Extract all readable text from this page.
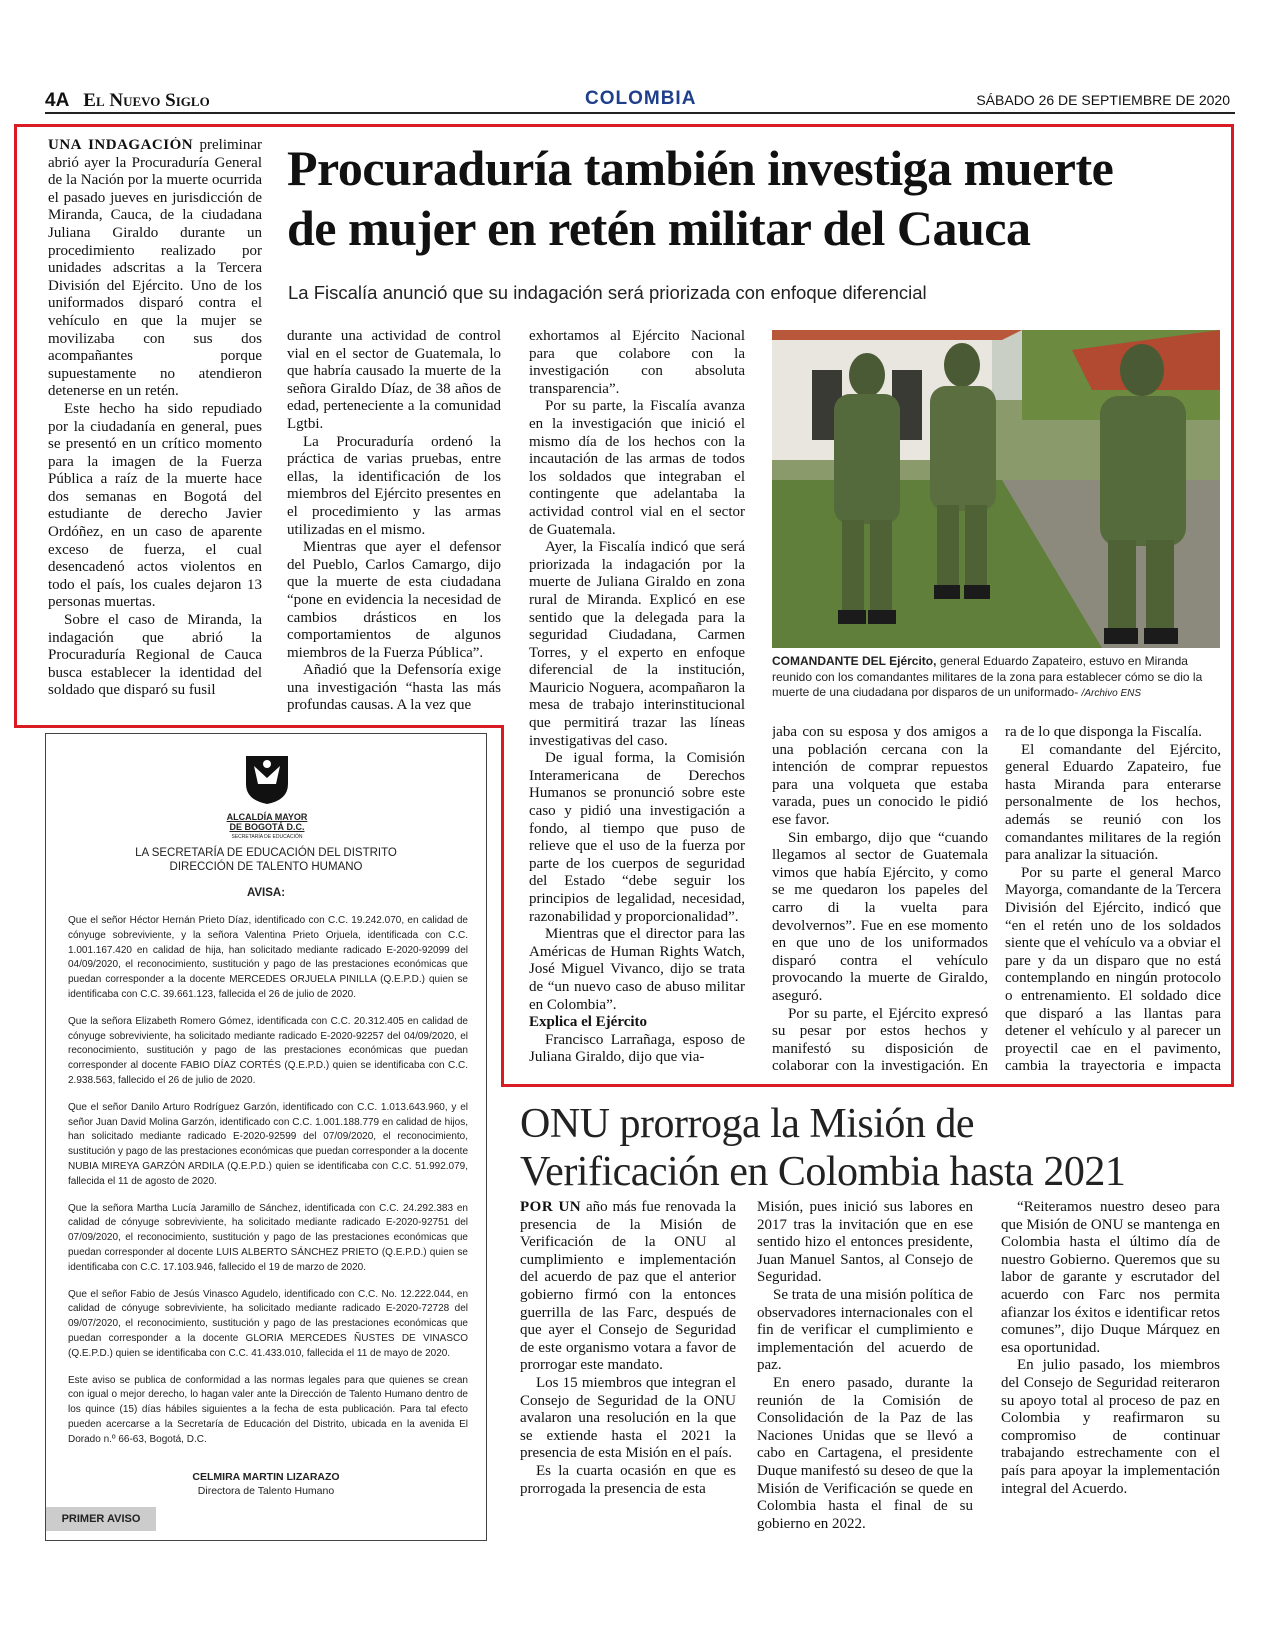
4A El Nuevo Siglo	COLOMBIA	SÁBADO 26 DE SEPTIEMBRE DE 2020

UNA INDAGACIÓN preliminar abrió ayer la Procuraduría General de la Nación por la muerte ocurrida el pasado jueves en jurisdicción de Miranda, Cauca, de la ciudadana Juliana Giraldo durante un procedimiento realizado por unidades adscritas a la Tercera División del Ejército. Uno de los uniformados disparó contra el vehículo en que la mujer se movilizaba con sus dos acompañantes porque supuestamente no atendieron detenerse en un retén.

Este hecho ha sido repudiado por la ciudadanía en general, pues se presentó en un crítico momento para la imagen de la Fuerza Pública a raíz de la muerte hace dos semanas en Bogotá del estudiante de derecho Javier Ordóñez, en un caso de aparente exceso de fuerza, el cual desencadenó actos violentos en todo el país, los cuales dejaron 13 personas muertas.

Sobre el caso de Miranda, la indagación que abrió la Procuraduría Regional de Cauca busca establecer la identidad del soldado que disparó su fusil

Procuraduría también investiga muerte
de mujer en retén militar del Cauca
La Fiscalía anunció que su indagación será priorizada con enfoque diferencial

durante una actividad de control vial en el sector de Guatemala, lo que habría causado la muerte de la señora Giraldo Díaz, de 38 años de edad, perteneciente a la comunidad Lgtbi.

La Procuraduría ordenó la práctica de varias pruebas, entre ellas, la identificación de los miembros del Ejército presentes en el procedimiento y las armas utilizadas en el mismo.

Mientras que ayer el defensor del Pueblo, Carlos Camargo, dijo que la muerte de esta ciudadana “pone en evidencia la necesidad de cambios drásticos en los comportamientos de algunos miembros de la Fuerza Pública”.

Añadió que la Defensoría exige una investigación “hasta las más profundas causas. A la vez que

exhortamos al Ejército Nacional para que colabore con la investigación con absoluta transparencia”.

Por su parte, la Fiscalía avanza en la investigación que inició el mismo día de los hechos con la incautación de las armas de todos los soldados que integraban el contingente que adelantaba la actividad control vial en el sector de Guatemala.

Ayer, la Fiscalía indicó que será priorizada la indagación por la muerte de Juliana Giraldo en zona rural de Miranda. Explicó en ese sentido que la delegada para la seguridad Ciudadana, Carmen Torres, y el experto en enfoque diferencial de la institución, Mauricio Noguera, acompañaron la mesa de trabajo interinstitucional que permitirá trazar las líneas investigativas del caso.

De igual forma, la Comisión Interamericana de Derechos Humanos se pronunció sobre este caso y pidió una investigación a fondo, al tiempo que puso de relieve que el uso de la fuerza por parte de los cuerpos de seguridad del Estado “debe seguir los principios de legalidad, necesidad, razonabilidad y proporcionalidad”.

Mientras que el director para las Américas de Human Rights Watch, José Miguel Vivanco, dijo se trata de “un nuevo caso de abuso militar en Colombia”.

Explica el Ejército

Francisco Larrañaga, esposo de Juliana Giraldo, dijo que via-

COMANDANTE DEL Ejército, general Eduardo Zapateiro, estuvo en Miranda reunido con los comandantes militares de la zona para establecer cómo se dio la muerte de una ciudadana por disparos de un uniformado- /Archivo ENS

jaba con su esposa y dos amigos a una población cercana con la intención de comprar repuestos para una volqueta que estaba varada, pues un conocido le pidió ese favor.

Sin embargo, dijo que “cuando llegamos al sector de Guatemala vimos que había Ejército, y como se me quedaron los papeles del carro di la vuelta para devolvernos”. Fue en ese momento en que uno de los uniformados disparó contra el vehículo provocando la muerte de Giraldo, aseguró.

Por su parte, el Ejército expresó su pesar por estos hechos y manifestó su disposición de colaborar con la investigación. En

ra de lo que disponga la Fiscalía.

El comandante del Ejército, general Eduardo Zapateiro, fue hasta Miranda para enterarse personalmente de los hechos, además se reunió con los comandantes militares de la región para analizar la situación.

Por su parte el general Marco Mayorga, comandante de la Tercera División del Ejército, indicó que “en el retén uno de los soldados siente que el vehículo va a obviar el pare y da un disparo que no está contemplando en ningún protocolo o entrenamiento. El soldado dice que disparó a las llantas para detener el vehículo y al parecer un proyectil cae en el pavimento, cambia la trayectoria e impacta

ALCALDÍA MAYOR
DE BOGOTÁ D.C.
SECRETARÍA DE EDUCACIÓN
LA SECRETARÍA DE EDUCACIÓN DEL DISTRITO
DIRECCIÓN DE TALENTO HUMANO
AVISA:

Que el señor Héctor Hernán Prieto Díaz, identificado con C.C. 19.242.070, en calidad de cónyuge sobreviviente, y la señora Valentina Prieto Orjuela, identificada con C.C. 1.001.167.420 en calidad de hija, han solicitado mediante radicado E-2020-92099 del 04/09/2020, el reconocimiento, sustitución y pago de las prestaciones económicas que puedan corresponder a la docente MERCEDES ORJUELA PINILLA (Q.E.P.D.) quien se identificaba con C.C. 39.661.123, fallecida el 26 de julio de 2020.

Que la señora Elizabeth Romero Gómez, identificada con C.C. 20.312.405 en calidad de cónyuge sobreviviente, ha solicitado mediante radicado E-2020-92257 del 04/09/2020, el reconocimiento, sustitución y pago de las prestaciones económicas que puedan corresponder al docente FABIO DÍAZ CORTÉS (Q.E.P.D.) quien se identificaba con C.C. 2.938.563, fallecido el 26 de julio de 2020.

Que el señor Danilo Arturo Rodríguez Garzón, identificado con C.C. 1.013.643.960, y el señor Juan David Molina Garzón, identificado con C.C. 1.001.188.779 en calidad de hijos, han solicitado mediante radicado E-2020-92599 del 07/09/2020, el reconocimiento, sustitución y pago de las prestaciones económicas que puedan corresponder a la docente NUBIA MIREYA GARZÓN ARDILA (Q.E.P.D.) quien se identificaba con C.C. 51.992.079, fallecida el 11 de agosto de 2020.

Que la señora Martha Lucía Jaramillo de Sánchez, identificada con C.C. 24.292.383 en calidad de cónyuge sobreviviente, ha solicitado mediante radicado E-2020-92751 del 07/09/2020, el reconocimiento, sustitución y pago de las prestaciones económicas que puedan corresponder al docente LUIS ALBERTO SÁNCHEZ PRIETO (Q.E.P.D.) quien se identificaba con C.C. 17.103.946, fallecido el 19 de marzo de 2020.

Que el señor Fabio de Jesús Vinasco Agudelo, identificado con C.C. No. 12.222.044, en calidad de cónyuge sobreviviente, ha solicitado mediante radicado E-2020-72728 del 09/07/2020, el reconocimiento, sustitución y pago de las prestaciones económicas que puedan corresponder a la docente GLORIA MERCEDES ÑUSTES DE VINASCO (Q.E.P.D.) quien se identificaba con C.C. 41.433.010, fallecida el 11 de mayo de 2020.

Este aviso se publica de conformidad a las normas legales para que quienes se crean con igual o mejor derecho, lo hagan valer ante la Dirección de Talento Humano dentro de los quince (15) días hábiles siguientes a la fecha de esta publicación. Para tal efecto pueden acercarse a la Secretaría de Educación del Distrito, ubicada en la avenida El Dorado n.º 66-63, Bogotá, D.C.

CELMIRA MARTIN LIZARAZO
Directora de Talento Humano
PRIMER AVISO
ONU prorroga la Misión de
Verificación en Colombia hasta 2021

POR UN año más fue renovada la presencia de la Misión de Verificación de la ONU al cumplimiento e implementación del acuerdo de paz que el anterior gobierno firmó con la entonces guerrilla de las Farc, después de que ayer el Consejo de Seguridad de este organismo votara a favor de prorrogar este mandato.

Los 15 miembros que integran el Consejo de Seguridad de la ONU avalaron una resolución en la que se extiende hasta el 2021 la presencia de esta Misión en el país.

Es la cuarta ocasión en que es prorrogada la presencia de esta

Misión, pues inició sus labores en 2017 tras la invitación que en ese sentido hizo el entonces presidente, Juan Manuel Santos, al Consejo de Seguridad.

Se trata de una misión política de observadores internacionales con el fin de verificar el cumplimiento e implementación del acuerdo de paz.

En enero pasado, durante la reunión de la Comisión de Consolidación de la Paz de las Naciones Unidas que se llevó a cabo en Cartagena, el presidente Duque manifestó su deseo de que la Misión de Verificación se quede en Colombia hasta el final de su gobierno en 2022.

“Reiteramos nuestro deseo para que Misión de ONU se mantenga en Colombia hasta el último día de nuestro Gobierno. Queremos que su labor de garante y escrutador del acuerdo con Farc nos permita afianzar los éxitos e identificar retos comunes”, dijo Duque Márquez en esa oportunidad.

En julio pasado, los miembros del Consejo de Seguridad reiteraron su apoyo total al proceso de paz en Colombia y reafirmaron su compromiso de continuar trabajando estrechamente con el país para apoyar la implementación integral del Acuerdo.
